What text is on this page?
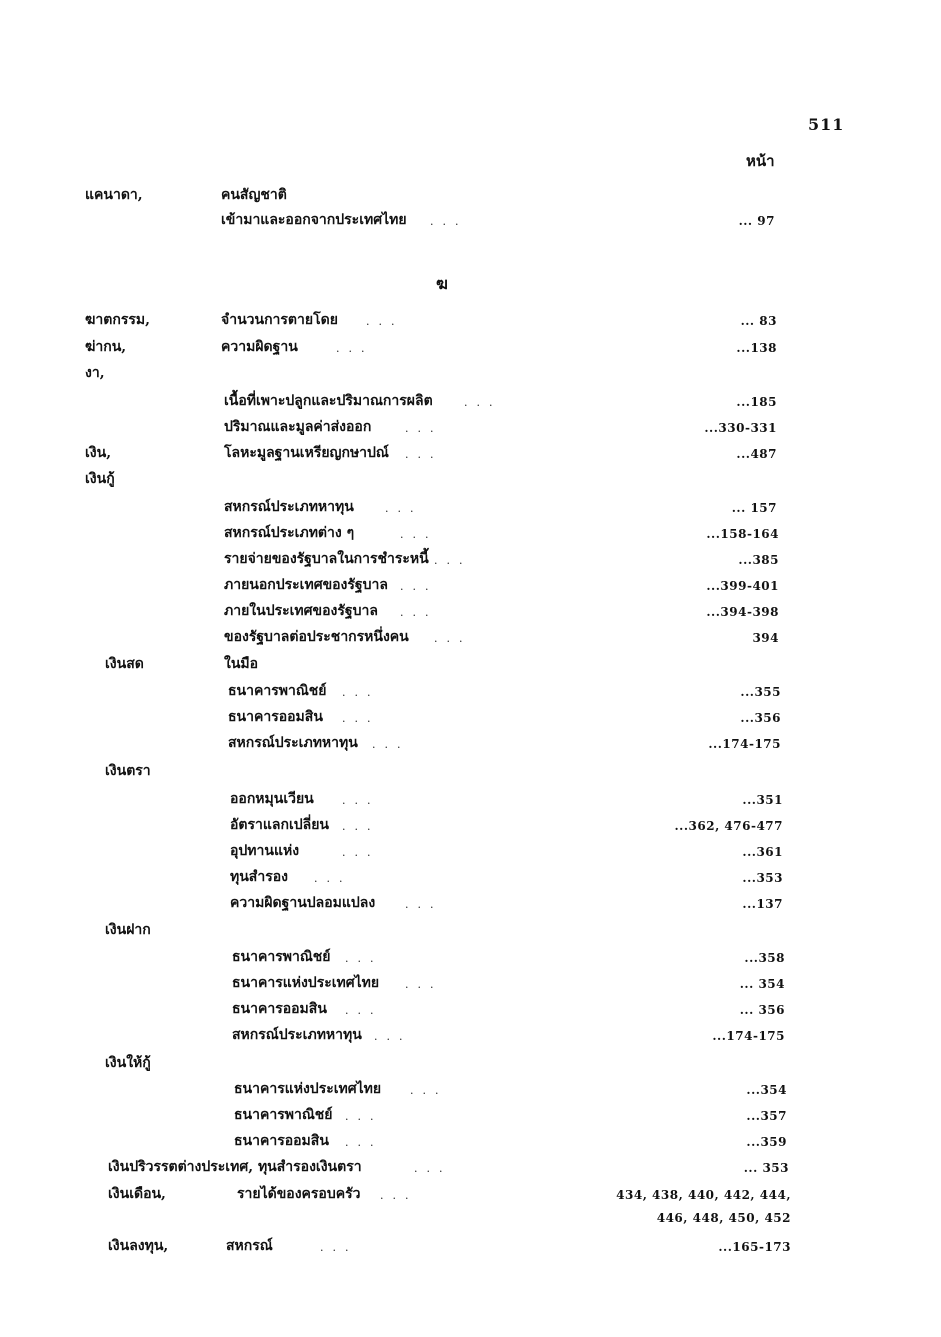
511
หน้า
ฆ
แคนาดา,	คนสัญชาติ
เข้ามาและออกจากประเทศไทย ...	... 97
ฆาตกรรม,	จำนวนการตายโดย	...	... 83
ฆ่ากน,	ความผิดฐาน	...	...138
งา,
เนื้อที่เพาะปลูกและปริมาณการผลิต	...	...185
ปริมาณและมูลค่าส่งออก	...	...330-331
เงิน,	โลหะมูลฐานเหรียญกษาปณ์ ...	...487
เงินกู้
สหกรณ์ประเภทหาทุน	...	... 157
สหกรณ์ประเภทต่าง ๆ	...	...158-164
รายจ่ายของรัฐบาลในการชำระหนี้ ...	...385
ภายนอกประเทศของรัฐบาล ...	...399-401
ภายในประเทศของรัฐบาล ...	...394-398
ของรัฐบาลต่อประชากรหนึ่งคน ...	394
เงินสด	ในมือ
ธนาคารพาณิชย์ ...	...355
ธนาคารออมสิน ...	...356
สหกรณ์ประเภทหาทุน ...	...174-175
เงินตรา
ออกหมุนเวียน	...	...351
อัตราแลกเปลี่ยน ...	...362, 476-477
อุปทานแห่ง	...	...361
ทุนสำรอง ...	...353
ความผิดฐานปลอมแปลง	...	...137
เงินฝาก
ธนาคารพาณิชย์ ...	...358
ธนาคารแห่งประเทศไทย ...	... 354
ธนาคารออมสิน ...	... 356
สหกรณ์ประเภทหาทุน ...	...174-175
เงินให้กู้
ธนาคารแห่งประเทศไทย	...	...354
ธนาคารพาณิชย์ ...	...357
ธนาคารออมสิน ...	...359
เงินปริวรรตต่างประเทศ, ทุนสำรองเงินตรา	...	... 353
เงินเดือน,	รายได้ของครอบครัว ...	434, 438, 440, 442, 444,
446, 448, 450, 452
เงินลงทุน,	สหกรณ์	...	...165-173
